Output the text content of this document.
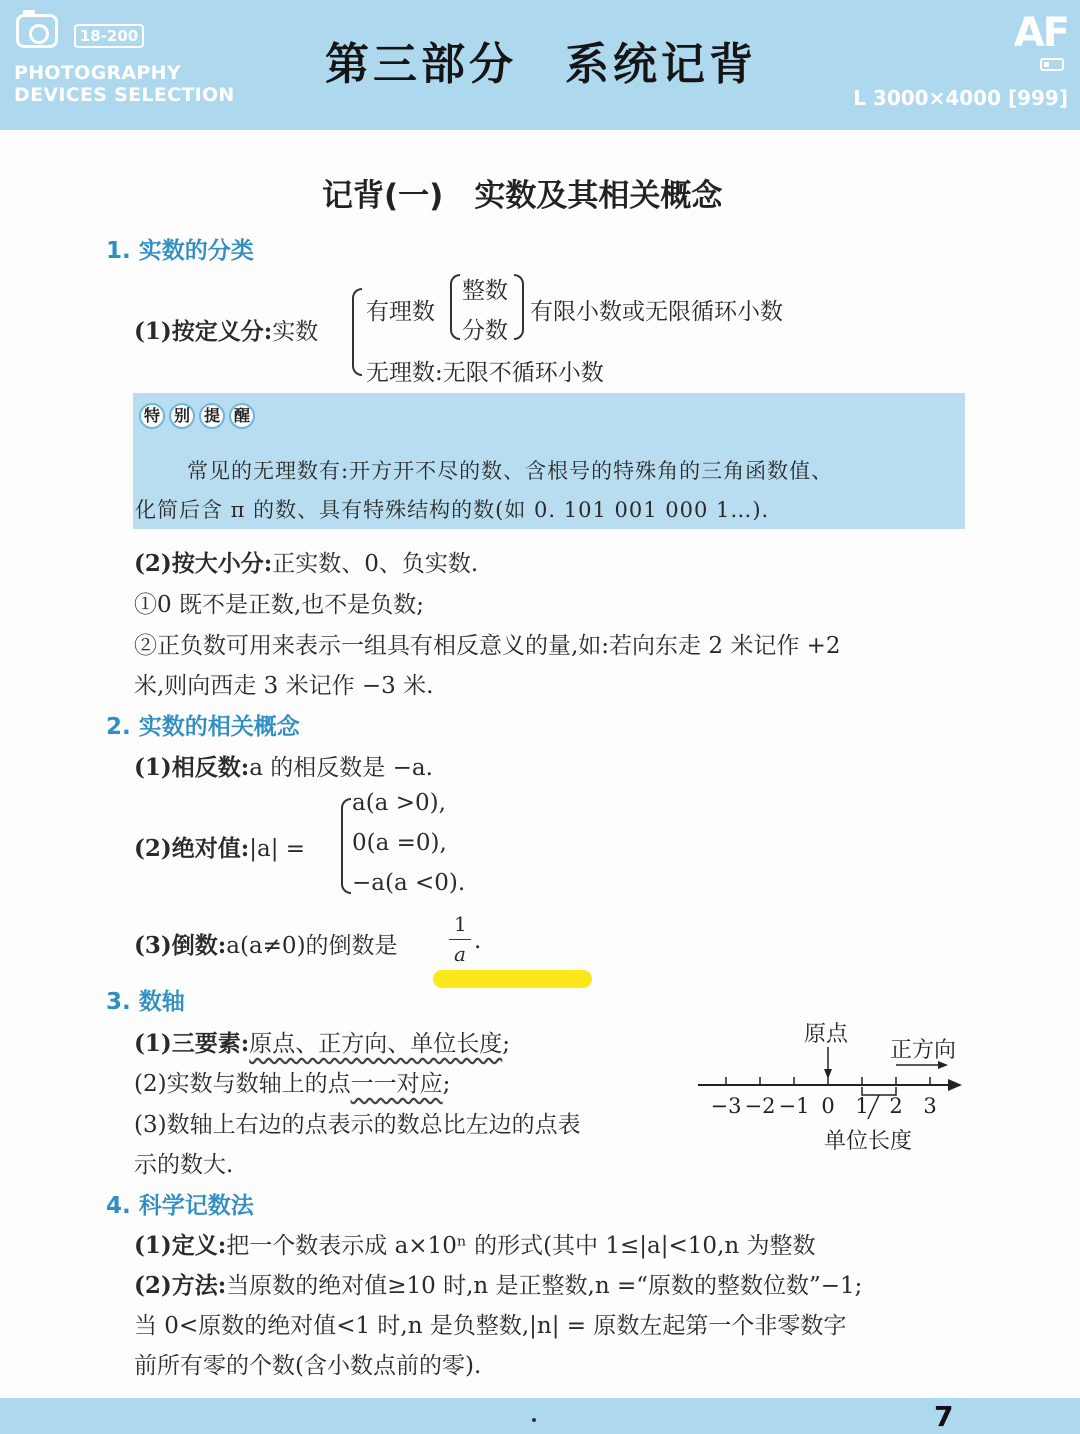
18-200
PHOTOGRAPHY
DEVICES SELECTION
第三部分　系统记背
AF
L 3000×4000 [999]
记背(一)　实数及其相关概念
1. 实数的分类
(1)按定义分:实数
有理数
整数
分数
有限小数或无限循环小数
无理数:无限不循环小数
特 别 提 醒
常见的无理数有:开方开不尽的数、含根号的特殊角的三角函数值、
化简后含 π 的数、具有特殊结构的数(如 0. 101 001 000 1…).
(2)按大小分:正实数、0、负实数.
①0 既不是正数,也不是负数;
②正负数可用来表示一组具有相反意义的量,如:若向东走 2 米记作 +2
米,则向西走 3 米记作 −3 米.
2. 实数的相关概念
(1)相反数:a 的相反数是 −a.
(2)绝对值:|a| =
a(a >0),
0(a =0),
−a(a <0).
(3)倒数:a(a≠0)的倒数是
1
a .
3. 数轴
(1)三要素:原点、正方向、单位长度;
(2)实数与数轴上的点一一对应;
(3)数轴上右边的点表示的数总比左边的点表
示的数大.
−3 −2 −1 0 1 2 3
原点
正方向
单位长度
4. 科学记数法
(1)定义:把一个数表示成 a×10ⁿ 的形式(其中 1≤|a|<10,n 为整数
(2)方法:当原数的绝对值≥10 时,n 是正整数,n =“原数的整数位数”−1;
当 0<原数的绝对值<1 时,n 是负整数,|n| = 原数左起第一个非零数字
前所有零的个数(含小数点前的零).
7
